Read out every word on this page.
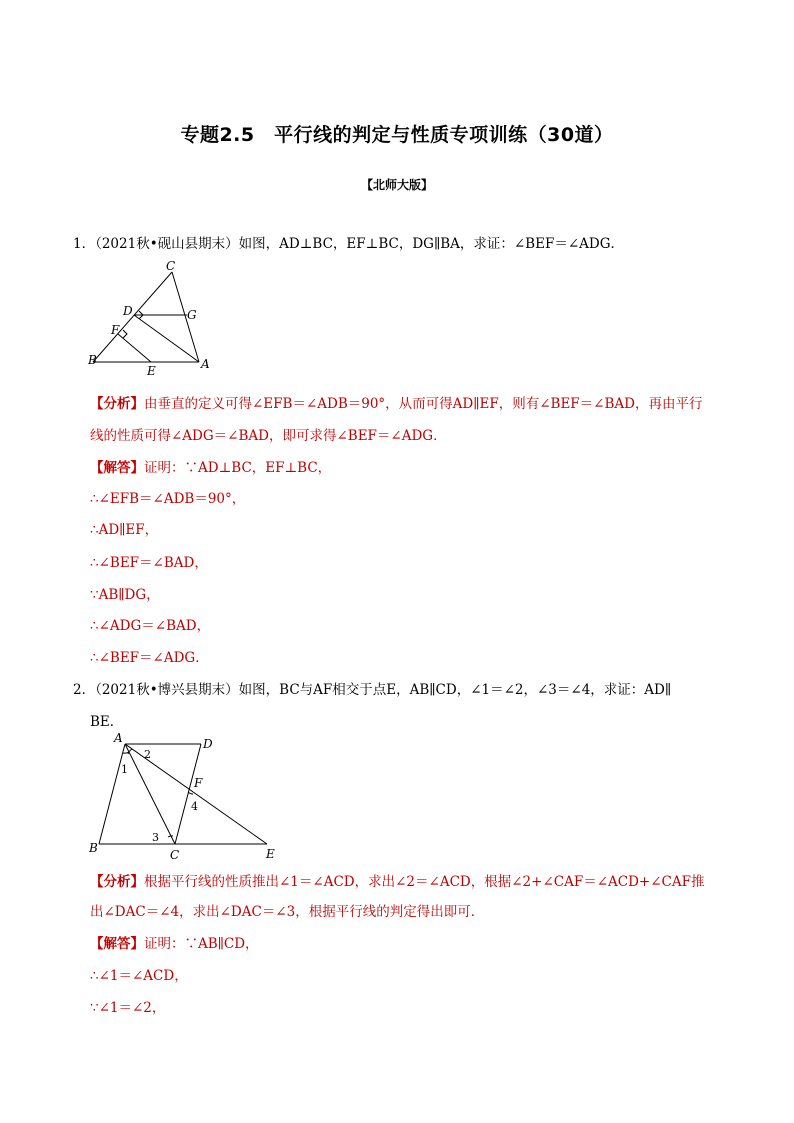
专题2.5　平行线的判定与性质专项训练（30道）
【北师大版】
1．（2021秋•砚山县期末）如图，AD⊥BC，EF⊥BC，DG∥BA，求证：∠BEF＝∠ADG．
C
D	G
F
B
E	A
【分析】由垂直的定义可得∠EFB＝∠ADB＝90°，从而可得AD∥EF，则有∠BEF＝∠BAD，再由平行
线的性质可得∠ADG＝∠BAD，即可求得∠BEF＝∠ADG．
【解答】证明：∵AD⊥BC，EF⊥BC，
∴∠EFB＝∠ADB＝90°，
∴AD∥EF，
∴∠BEF＝∠BAD，
∵AB∥DG，
∴∠ADG＝∠BAD，
∴∠BEF＝∠ADG．
2．（2021秋•博兴县期末）如图，BC与AF相交于点E，AB∥CD，∠1＝∠2，∠3＝∠4，求证：AD∥
BE．
A	D
2
1
F
4
3
B	C	E
【分析】根据平行线的性质推出∠1＝∠ACD，求出∠2＝∠ACD，根据∠2+∠CAF＝∠ACD+∠CAF推
出∠DAC＝∠4，求出∠DAC＝∠3，根据平行线的判定得出即可．
【解答】证明：∵AB∥CD，
∴∠1＝∠ACD，
∵∠1＝∠2，
